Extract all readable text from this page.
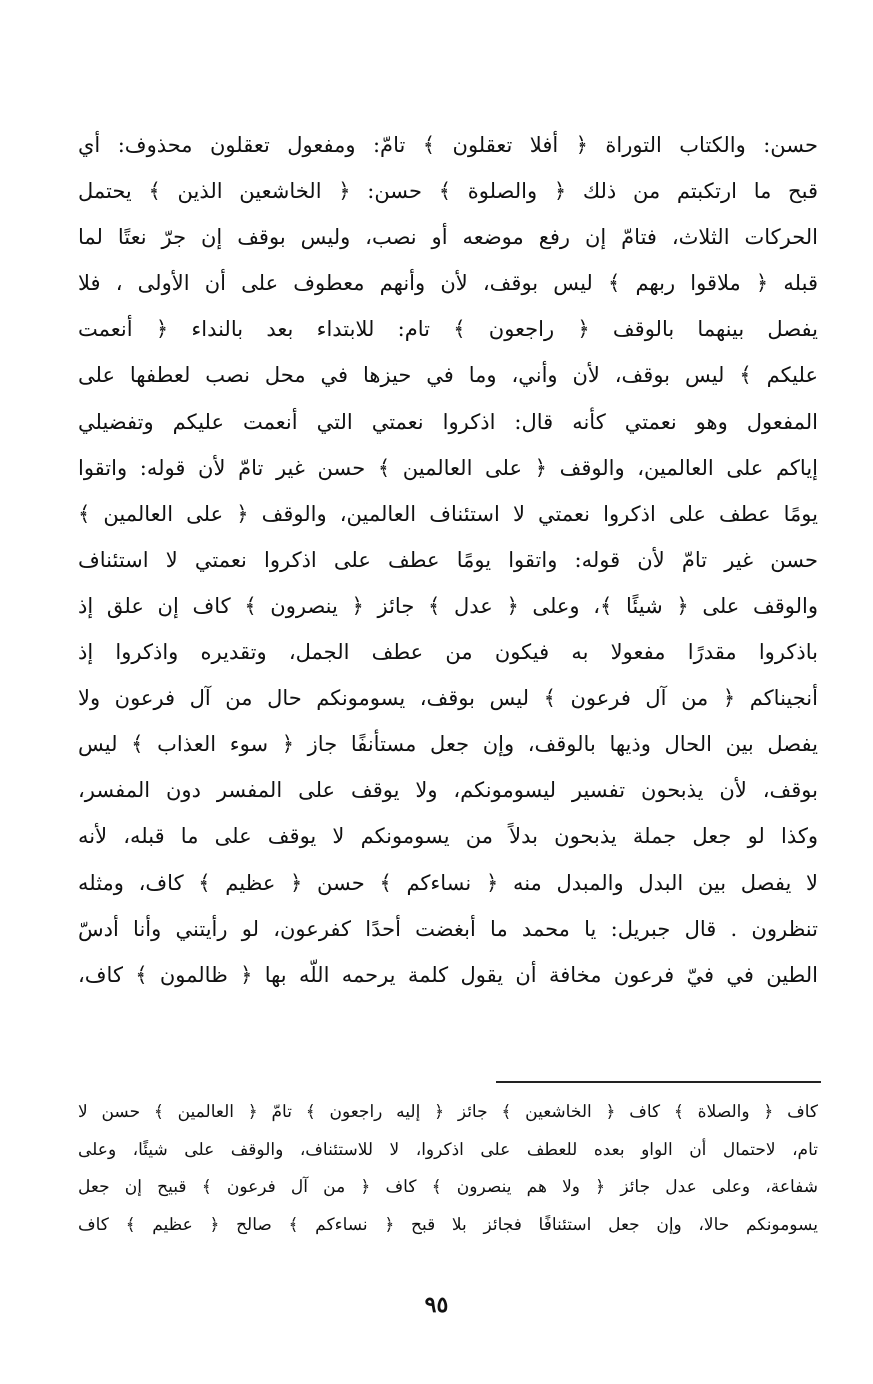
حسن: والكتاب التوراة ﴿ أفلا تعقلون ﴾ تامّ: ومفعول تعقلون محذوف: أي
قبح ما ارتكبتم من ذلك ﴿ والصلوة ﴾ حسن: ﴿ الخاشعين الذين ﴾ يحتمل
الحركات الثلاث، فتامّ إن رفع موضعه أو نصب، وليس بوقف إن جرّ نعتًا لما
قبله ﴿ ملاقوا ربهم ﴾ ليس بوقف، لأن وأنهم معطوف على أن الأولى ، فلا
يفصل بينهما بالوقف ﴿ راجعون ﴾ تام: للابتداء بعد بالنداء ﴿ أنعمت
عليكم ﴾ ليس بوقف، لأن وأني، وما في حيزها في محل نصب لعطفها على
المفعول وهو نعمتي كأنه قال: اذكروا نعمتي التي أنعمت عليكم وتفضيلي
إياكم على العالمين، والوقف ﴿ على العالمين ﴾ حسن غير تامّ لأن قوله: واتقوا
يومًا عطف على اذكروا نعمتي لا استئناف العالمين، والوقف ﴿ على العالمين ﴾
حسن غير تامّ لأن قوله: واتقوا يومًا عطف على اذكروا نعمتي لا استئناف
والوقف على ﴿ شيئًا ﴾، وعلى ﴿ عدل ﴾ جائز ﴿ ينصرون ﴾ كاف إن علق إذ
باذكروا مقدرًا مفعولا به فيكون من عطف الجمل، وتقديره واذكروا إذ
أنجيناكم ﴿ من آل فرعون ﴾ ليس بوقف، يسومونكم حال من آل فرعون ولا
يفصل بين الحال وذيها بالوقف، وإن جعل مستأنفًا جاز ﴿ سوء العذاب ﴾ ليس
بوقف، لأن يذبحون تفسير ليسومونكم، ولا يوقف على المفسر دون المفسر،
وكذا لو جعل جملة يذبحون بدلاً من يسومونكم لا يوقف على ما قبله، لأنه
لا يفصل بين البدل والمبدل منه ﴿ نساءكم ﴾ حسن ﴿ عظيم ﴾ كاف، ومثله
تنظرون . قال جبريل: يا محمد ما أبغضت أحدًا كفرعون، لو رأيتني وأنا أدسّ
الطين في فيّ فرعون مخافة أن يقول كلمة يرحمه اللّه بها ﴿ ظالمون ﴾ كاف،
كاف ﴿ والصلاة ﴾ كاف ﴿ الخاشعين ﴾ جائز ﴿ إليه راجعون ﴾ تامّ ﴿ العالمين ﴾ حسن لا
تام، لاحتمال أن الواو بعده للعطف على اذكروا، لا للاستئناف، والوقف على شيئًا، وعلى
شفاعة، وعلى عدل جائز ﴿ ولا هم ينصرون ﴾ كاف ﴿ من آل فرعون ﴾ قبيح إن جعل
يسومونكم حالا، وإن جعل استئنافًا فجائز بلا قبح ﴿ نساءكم ﴾ صالح ﴿ عظيم ﴾ كاف
٩٥
